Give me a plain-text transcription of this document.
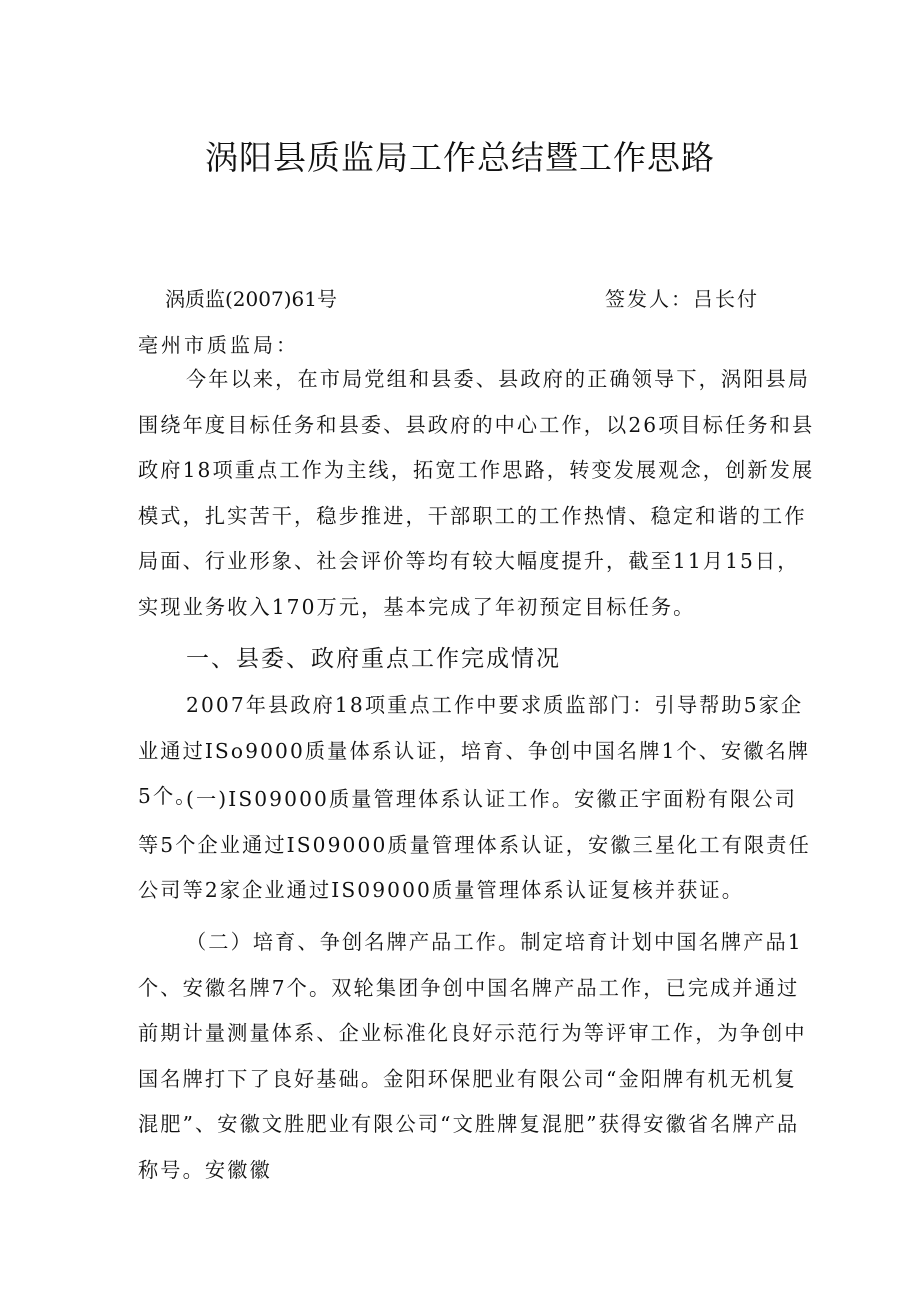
涡阳县质监局工作总结暨工作思路
涡质监(2007)61号	签发人：吕长付
亳州市质监局：

今年以来，在市局党组和县委、县政府的正确领导下，涡阳县局围绕年度目标任务和县委、县政府的中心工作，以26项目标任务和县政府18项重点工作为主线，拓宽工作思路，转变发展观念，创新发展模式，扎实苦干，稳步推进，干部职工的工作热情、稳定和谐的工作局面、行业形象、社会评价等均有较大幅度提升，截至11月15日，实现业务收入170万元，基本完成了年初预定目标任务。

一、县委、政府重点工作完成情况

2007年县政府18项重点工作中要求质监部门：引导帮助5家企业通过ISo9000质量体系认证，培育、争创中国名牌1个、安徽名牌5个。

(一)IS09000质量管理体系认证工作。安徽正宇面粉有限公司等5个企业通过IS09000质量管理体系认证，安徽三星化工有限责任公司等2家企业通过IS09000质量管理体系认证复核并获证。

（二）培育、争创名牌产品工作。制定培育计划中国名牌产品1个、安徽名牌7个。双轮集团争创中国名牌产品工作，已完成并通过前期计量测量体系、企业标准化良好示范行为等评审工作，为争创中国名牌打下了良好基础。金阳环保肥业有限公司“金阳牌有机无机复混肥”、安徽文胜肥业有限公司“文胜牌复混肥”获得安徽省名牌产品称号。安徽徽
